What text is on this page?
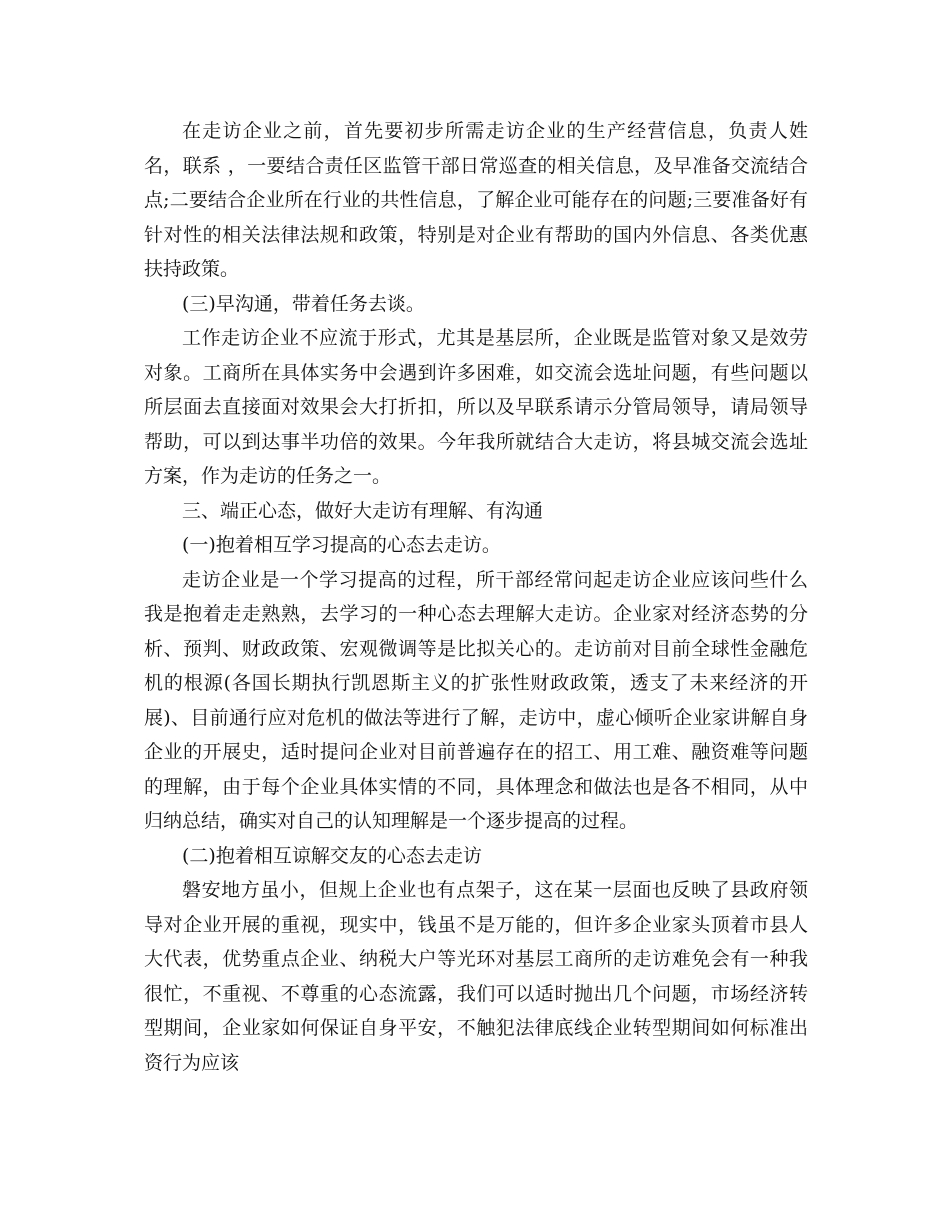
在走访企业之前，首先要初步所需走访企业的生产经营信息，负责人姓名，联系 ，一要结合责任区监管干部日常巡查的相关信息，及早准备交流结合点;二要结合企业所在行业的共性信息，了解企业可能存在的问题;三要准备好有针对性的相关法律法规和政策，特别是对企业有帮助的国内外信息、各类优惠扶持政策。

(三)早沟通，带着任务去谈。

工作走访企业不应流于形式，尤其是基层所，企业既是监管对象又是效劳对象。工商所在具体实务中会遇到许多困难，如交流会选址问题，有些问题以所层面去直接面对效果会大打折扣，所以及早联系请示分管局领导，请局领导帮助，可以到达事半功倍的效果。今年我所就结合大走访，将县城交流会选址方案，作为走访的任务之一。

三、端正心态，做好大走访有理解、有沟通

(一)抱着相互学习提高的心态去走访。

走访企业是一个学习提高的过程，所干部经常问起走访企业应该问些什么我是抱着走走熟熟，去学习的一种心态去理解大走访。企业家对经济态势的分析、预判、财政政策、宏观微调等是比拟关心的。走访前对目前全球性金融危机的根源(各国长期执行凯恩斯主义的扩张性财政政策，透支了未来经济的开展)、目前通行应对危机的做法等进行了解，走访中，虚心倾听企业家讲解自身企业的开展史，适时提问企业对目前普遍存在的招工、用工难、融资难等问题的理解，由于每个企业具体实情的不同，具体理念和做法也是各不相同，从中归纳总结，确实对自己的认知理解是一个逐步提高的过程。

(二)抱着相互谅解交友的心态去走访

磐安地方虽小，但规上企业也有点架子，这在某一层面也反映了县政府领导对企业开展的重视，现实中，钱虽不是万能的，但许多企业家头顶着市县人大代表，优势重点企业、纳税大户等光环对基层工商所的走访难免会有一种我很忙，不重视、不尊重的心态流露，我们可以适时抛出几个问题，市场经济转型期间，企业家如何保证自身平安，不触犯法律底线企业转型期间如何标准出资行为应该
